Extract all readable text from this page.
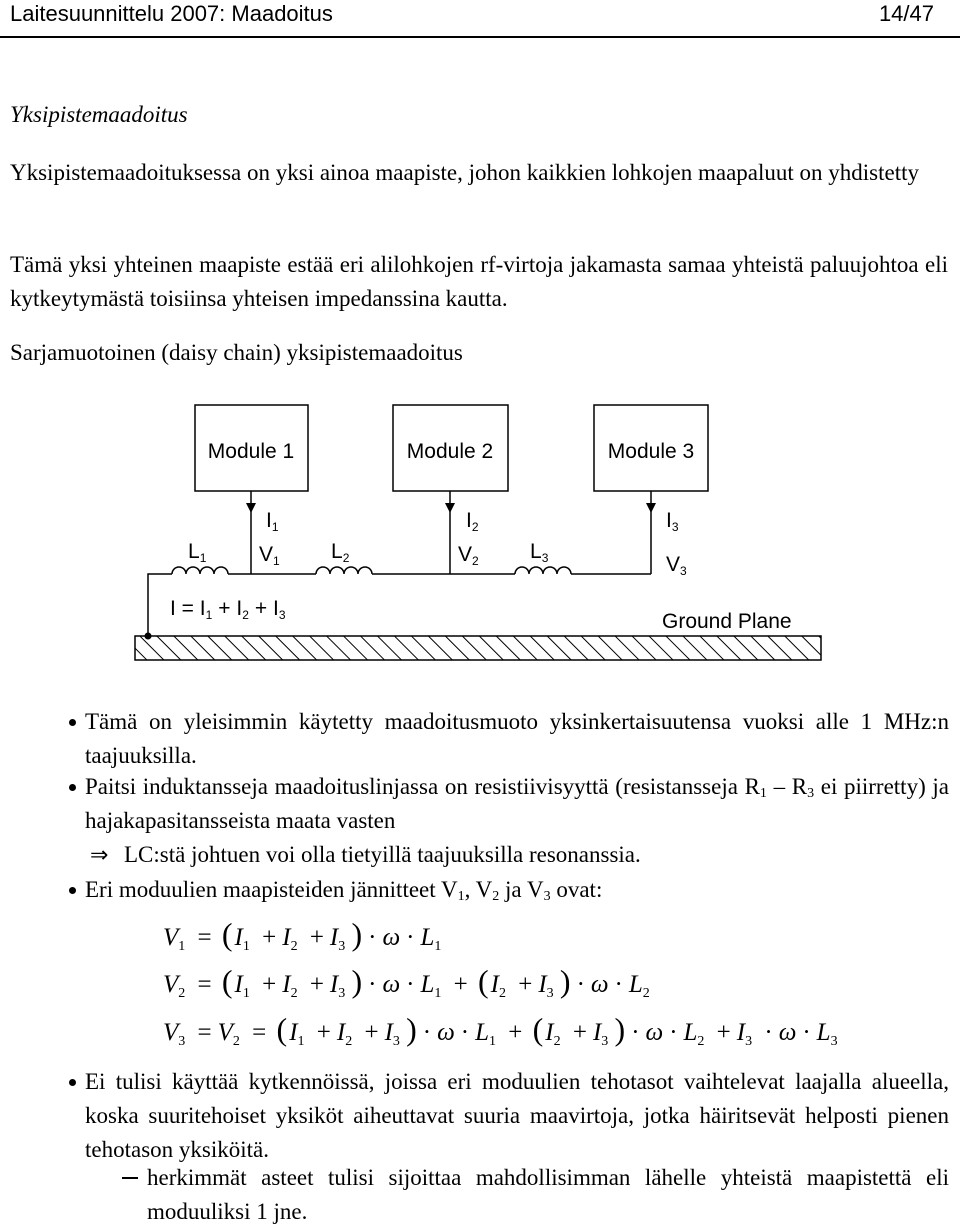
Laitesuunnittelu 2007: Maadoitus	14/47
Yksipistemaadoitus
Yksipistemaadoituksessa on yksi ainoa maapiste, johon kaikkien lohkojen maapaluut on yhdistetty
Tämä yksi yhteinen maapiste estää eri alilohkojen rf-virtoja jakamasta samaa yhteistä paluujohtoa eli kytkeytymästä toisiinsa yhteisen impedanssina kautta.
Sarjamuotoinen (daisy chain) yksipistemaadoitus
Module 1	Module 2	Module 3
I1	I2	I3
V1	V2	V3
L1	L2	L3
I = I1 + I2 + I3	Ground Plane
Tämä on yleisimmin käytetty maadoitusmuoto yksinkertaisuutensa vuoksi alle 1 MHz:n taajuuksilla.
Paitsi induktansseja maadoituslinjassa on resistiivisyyttä (resistansseja $R_1 - R_3$ ei piirretty) ja hajakapasitansseista maata vasten
⇒ LC:stä johtuen voi olla tietyillä taajuuksilla resonanssia.
Eri moduulien maapisteiden jännitteet $V_1$, $V_2$ ja $V_3$ ovat:
$V_1 = (I_1 + I_2 + I_3$ ) · $\omega \cdot L_1$
$V_2 = (I_1 + I_2 + I_3$ ) · $\omega \cdot L_1 + (I_2 + I_3$ ) · $\omega \cdot L_2$
$V_3 = V_2 = (I_1 + I_2 + I_3$ ) · $\omega \cdot L_1 + (I_2 + I_3$ ) · $\omega \cdot L_2 + I_3 \cdot \omega \cdot L_3$
Ei tulisi käyttää kytkennöissä, joissa eri moduulien tehotasot vaihtelevat laajalla alueella, koska suuritehoiset yksiköt aiheuttavat suuria maavirtoja, jotka häiritsevät helposti pienen tehotason yksiköitä.
herkimmät asteet tulisi sijoittaa mahdollisimman lähelle yhteistä maapistettä eli moduuliksi 1 jne.
